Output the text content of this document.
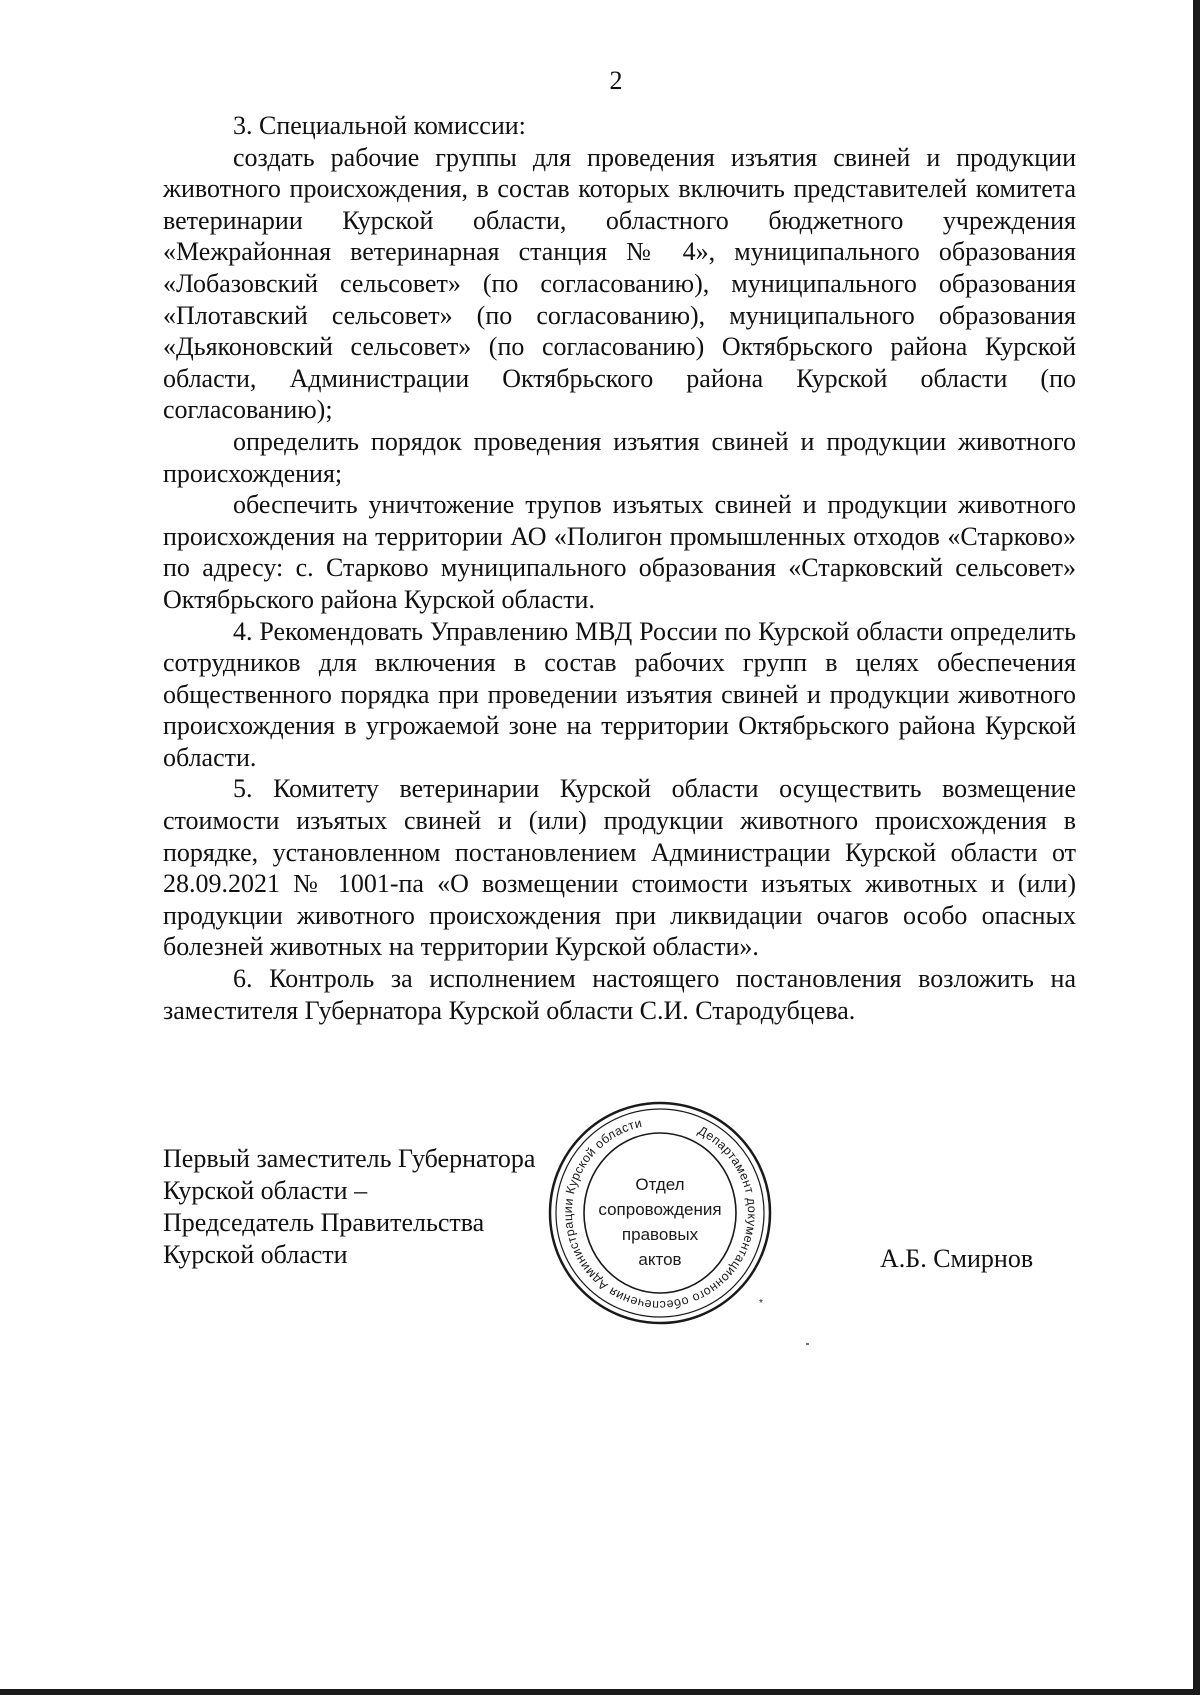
2

3. Специальной комиссии:

создать рабочие группы для проведения изъятия свиней и продукции животного происхождения, в состав которых включить представителей комитета ветеринарии Курской области, областного бюджетного учреждения «Межрайонная ветеринарная станция № 4», муниципального образования «Лобазовский сельсовет» (по согласованию), муниципального образования «Плотавский сельсовет» (по согласованию), муниципального образования «Дьяконовский сельсовет» (по согласованию) Октябрьского района Курской области, Администрации Октябрьского района Курской области (по согласованию);

определить порядок проведения изъятия свиней и продукции животного происхождения;

обеспечить уничтожение трупов изъятых свиней и продукции животного происхождения на территории АО «Полигон промышленных отходов «Старково» по адресу: с. Старково муниципального образования «Старковский сельсовет» Октябрьского района Курской области.

4. Рекомендовать Управлению МВД России по Курской области определить сотрудников для включения в состав рабочих групп в целях обеспечения общественного порядка при проведении изъятия свиней и продукции животного происхождения в угрожаемой зоне на территории Октябрьского района Курской области.

5. Комитету ветеринарии Курской области осуществить возмещение стоимости изъятых свиней и (или) продукции животного происхождения в порядке, установленном постановлением Администрации Курской области от 28.09.2021 № 1001-па «О возмещении стоимости изъятых животных и (или) продукции животного происхождения при ликвидации очагов особо опасных болезней животных на территории Курской области».

6. Контроль за исполнением настоящего постановления возложить на заместителя Губернатора Курской области С.И. Стародубцева.

Первый заместитель Губернатора
Курской области –
Председатель Правительства
Курской области
Департамент документационного обеспечения Администрации Курской области
*
Отдел
сопровождения
правовых
актов	А.Б. Смирнов
